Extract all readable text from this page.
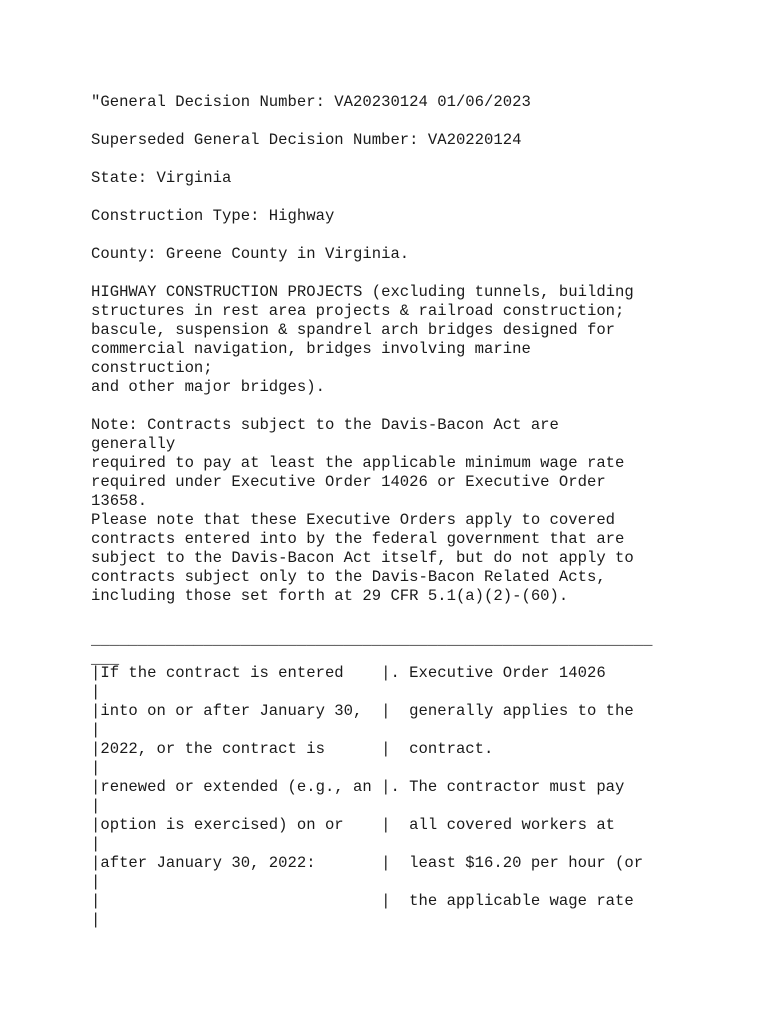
"General Decision Number: VA20230124 01/06/2023

Superseded General Decision Number: VA20220124

State: Virginia

Construction Type: Highway

County: Greene County in Virginia.

HIGHWAY CONSTRUCTION PROJECTS (excluding tunnels, building

structures in rest area projects & railroad construction;

bascule, suspension & spandrel arch bridges designed for

commercial navigation, bridges involving marine

construction;

and other major bridges).

Note: Contracts subject to the Davis-Bacon Act are

generally

required to pay at least the applicable minimum wage rate

required under Executive Order 14026 or Executive Order

13658.

Please note that these Executive Orders apply to covered

contracts entered into by the federal government that are

subject to the Davis-Bacon Act itself, but do not apply to

contracts subject only to the Davis-Bacon Related Acts,

including those set forth at 29 CFR 5.1(a)(2)-(60).

____________________________________________________________

___

|If the contract is entered    |. Executive Order 14026

|

|into on or after January 30,  |  generally applies to the

|

|2022, or the contract is      |  contract.

|

|renewed or extended (e.g., an |. The contractor must pay

|

|option is exercised) on or    |  all covered workers at

|

|after January 30, 2022:       |  least $16.20 per hour (or

|

|                              |  the applicable wage rate

|
